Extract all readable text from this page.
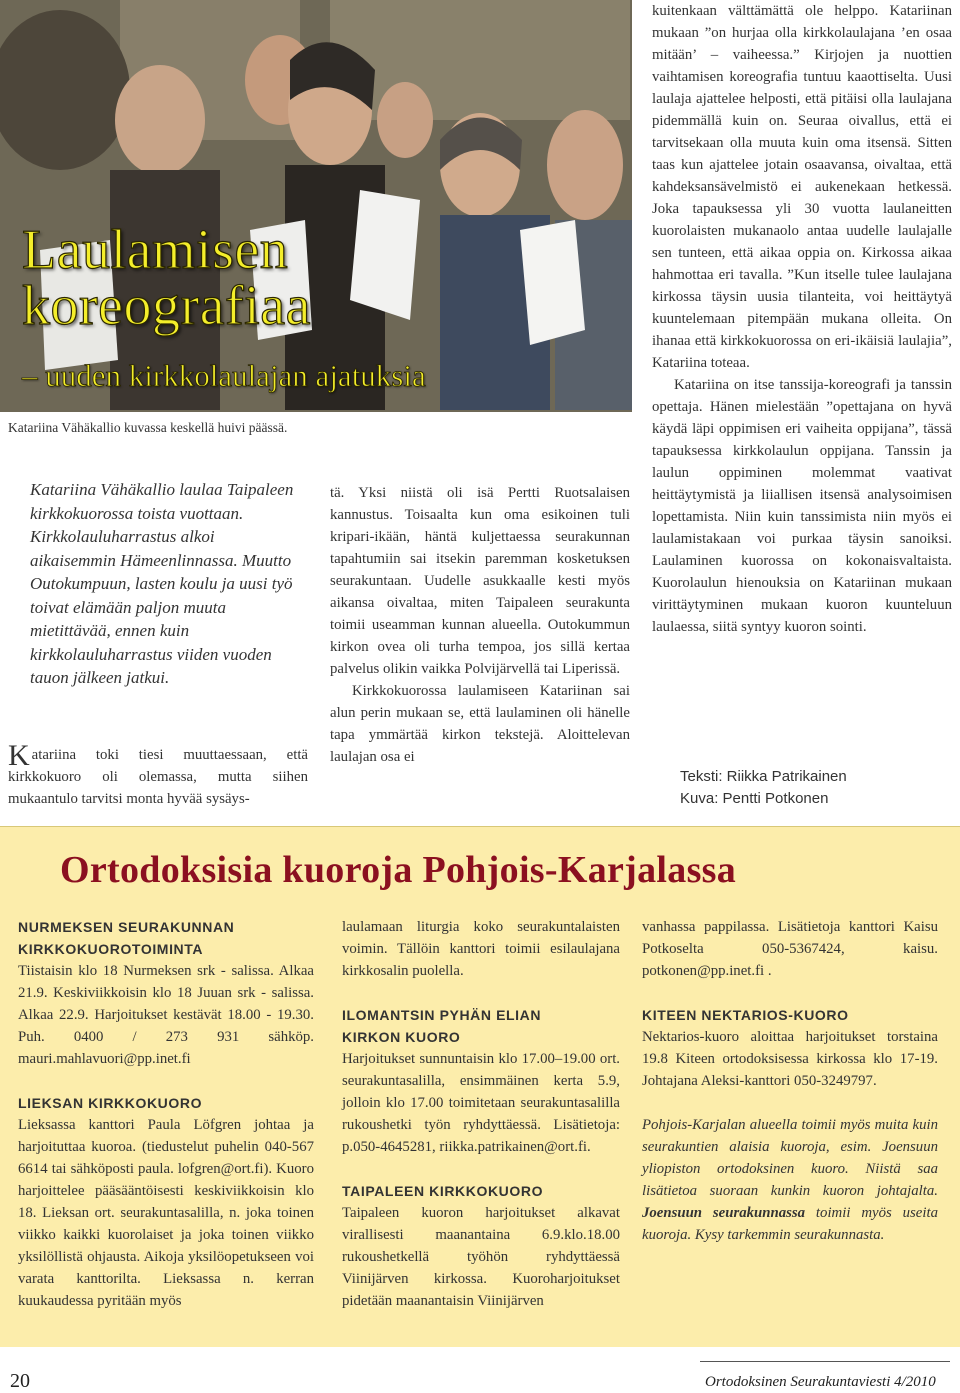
Laulamisen
koreografiaa
– uuden kirkkolaulajan ajatuksia
Katariina Vähäkallio kuvassa keskellä huivi päässä.
Katariina Vähäkallio laulaa Taipaleen kirkkokuorossa toista vuottaan. Kirkkolauluharrastus alkoi aikaisemmin Hämeenlinnassa. Muutto Outokumpuun, lasten koulu ja uusi työ toivat elämään paljon muuta mietittävää, ennen kuin kirkkolauluharrastus viiden vuoden tauon jälkeen jatkui.

Katariina toki tiesi muuttaessaan, että kirkkokuoro oli olemassa, mutta siihen mukaantulo tarvitsi monta hyvää sysäys-

tä. Yksi niistä oli isä Pertti Ruotsalaisen kannustus. Toisaalta kun oma esikoinen tuli kripari-ikään, häntä kuljettaessa seurakunnan tapahtumiin sai itsekin paremman kosketuksen seurakuntaan. Uudelle asukkaalle kesti myös aikansa oivaltaa, miten Taipaleen seurakunta toimii useamman kunnan alueella. Outokummun kirkon ovea oli turha tempoa, jos sillä kertaa palvelus olikin vaikka Polvijärvellä tai Liperissä.

Kirkkokuorossa laulamiseen Katariinan sai alun perin mukaan se, että laulaminen oli hänelle tapa ymmärtää kirkon tekstejä. Aloittelevan laulajan osa ei

kuitenkaan välttämättä ole helppo. Katariinan mukaan ”on hurjaa olla kirkkolaulajana ’en osaa mitään’ – vaiheessa.” Kirjojen ja nuottien vaihtamisen koreografia tuntuu kaaottiselta. Uusi laulaja ajattelee helposti, että pitäisi olla laulajana pidemmällä kuin on. Seuraa oivallus, että ei tarvitsekaan olla muuta kuin oma itsensä. Sitten taas kun ajattelee jotain osaavansa, oivaltaa, että kahdeksansävelmistö ei aukenekaan hetkessä. Joka tapauksessa yli 30 vuotta laulaneitten kuorolaisten mukanaolo antaa uudelle laulajalle sen tunteen, että aikaa oppia on. Kirkossa aikaa hahmottaa eri tavalla. ”Kun itselle tulee laulajana kirkossa täysin uusia tilanteita, voi heittäytyä kuuntelemaan pitempään mukana olleita. On ihanaa että kirkkokuorossa on eri-ikäisiä laulajia”, Katariina toteaa.

Katariina on itse tanssija-koreografi ja tanssin opettaja. Hänen mielestään ”opettajana on hyvä käydä läpi oppimisen eri vaiheita oppijana”, tässä tapauksessa kirkkolaulun oppijana. Tanssin ja laulun oppiminen molemmat vaativat heittäytymistä ja liiallisen itsensä analysoimisen lopettamista. Niin kuin tanssimista niin myös ei laulamistakaan voi purkaa täysin sanoiksi. Laulaminen kuorossa on kokonaisvaltaista. Kuorolaulun hienouksia on Katariinan mukaan virittäytyminen mukaan kuoron kuunteluun laulaessa, siitä syntyy kuoron sointi.

Teksti: Riikka Patrikainen
Kuva: Pentti Potkonen
Ortodoksisia kuoroja Pohjois-Karjalassa
NURMEKSEN SEURAKUNNAN
KIRKKOKUOROTOIMINTA

Tiistaisin klo 18 Nurmeksen srk - salissa. Alkaa 21.9. Keskiviikkoisin klo 18 Juuan srk - salissa. Alkaa 22.9. Harjoitukset kestävät 18.00 - 19.30. Puh. 0400 / 273 931 sähköp. mauri.mahlavuori@pp.inet.fi

LIEKSAN KIRKKOKUORO

Lieksassa kanttori Paula Löfgren johtaa ja harjoituttaa kuoroa. (tiedustelut puhelin 040-567 6614 tai sähköposti paula. lofgren@ort.fi). Kuoro harjoittelee pääsääntöisesti keskiviikkoisin klo 18. Lieksan ort. seurakuntasalilla, n. joka toinen viikko kaikki kuorolaiset ja joka toinen viikko yksilöllistä ohjausta. Aikoja yksilöopetukseen voi varata kanttorilta. Lieksassa n. kerran kuukaudessa pyritään myös

laulamaan liturgia koko seurakuntalaisten voimin. Tällöin kanttori toimii esilaulajana kirkkosalin puolella.

ILOMANTSIN PYHÄN ELIAN
KIRKON KUORO

Harjoitukset sunnuntaisin klo 17.00–19.00 ort. seurakuntasalilla, ensimmäinen kerta 5.9, jolloin klo 17.00 toimitetaan seurakuntasalilla rukoushetki työn ryhdyttäessä. Lisätietoja: p.050-4645281, riikka.patrikainen@ort.fi.

TAIPALEEN KIRKKOKUORO

Taipaleen kuoron harjoitukset alkavat virallisesti maanantaina 6.9.klo.18.00 rukoushetkellä työhön ryhdyttäessä Viinijärven kirkossa. Kuoroharjoitukset pidetään maanantaisin Viinijärven

vanhassa pappilassa. Lisätietoja kanttori Kaisu Potkoselta 050-5367424, kaisu. potkonen@pp.inet.fi .

KITEEN NEKTARIOS-KUORO

Nektarios-kuoro aloittaa harjoitukset torstaina 19.8 Kiteen ortodoksisessa kirkossa klo 17-19. Johtajana Aleksi-kanttori 050-3249797.

Pohjois-Karjalan alueella toimii myös muita kuin seurakuntien alaisia kuoroja, esim. Joensuun yliopiston ortodoksinen kuoro. Niistä saa lisätietoa suoraan kunkin kuoron johtajalta. Joensuun seurakunnassa toimii myös useita kuoroja. Kysy tarkemmin seurakunnasta.

20	Ortodoksinen Seurakuntaviesti 4/2010
